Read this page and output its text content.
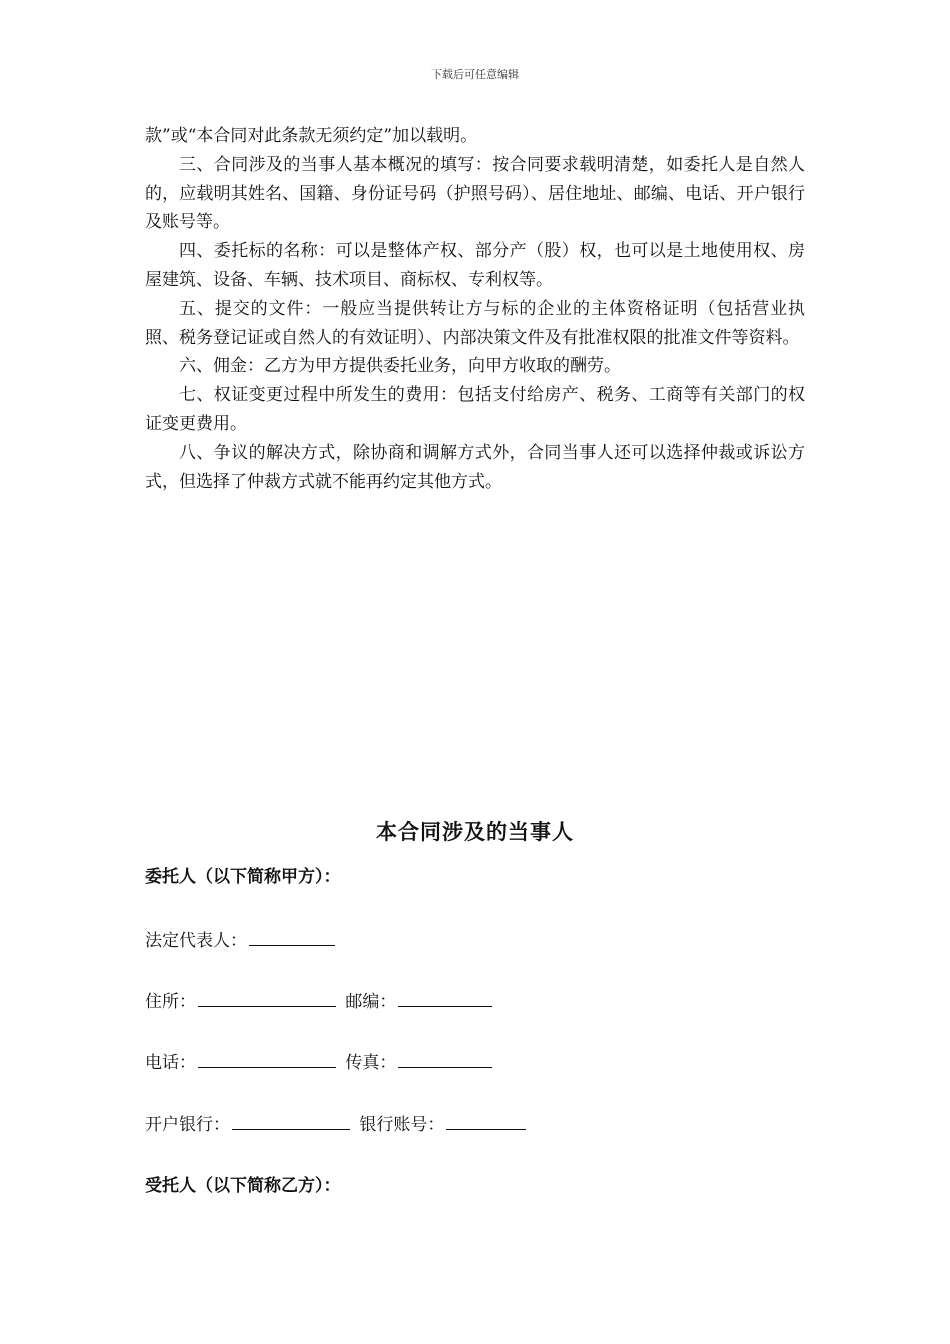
下载后可任意编辑

款”或“本合同对此条款无须约定”加以载明。

三、合同涉及的当事人基本概况的填写：按合同要求载明清楚，如委托人是自然人的，应载明其姓名、国籍、身份证号码（护照号码）、居住地址、邮编、电话、开户银行及账号等。

四、委托标的名称：可以是整体产权、部分产（股）权，也可以是土地使用权、房屋建筑、设备、车辆、技术项目、商标权、专利权等。

五、提交的文件：一般应当提供转让方与标的企业的主体资格证明（包括营业执照、税务登记证或自然人的有效证明）、内部决策文件及有批准权限的批准文件等资料。

六、佣金：乙方为甲方提供委托业务，向甲方收取的酬劳。

七、权证变更过程中所发生的费用：包括支付给房产、税务、工商等有关部门的权证变更费用。

八、争议的解决方式，除协商和调解方式外，合同当事人还可以选择仲裁或诉讼方式，但选择了仲裁方式就不能再约定其他方式。

本合同涉及的当事人
委托人（以下简称甲方）：
法定代表人：
住所：	邮编：
电话：	传真：
开户银行：	银行账号：
受托人（以下简称乙方）：
